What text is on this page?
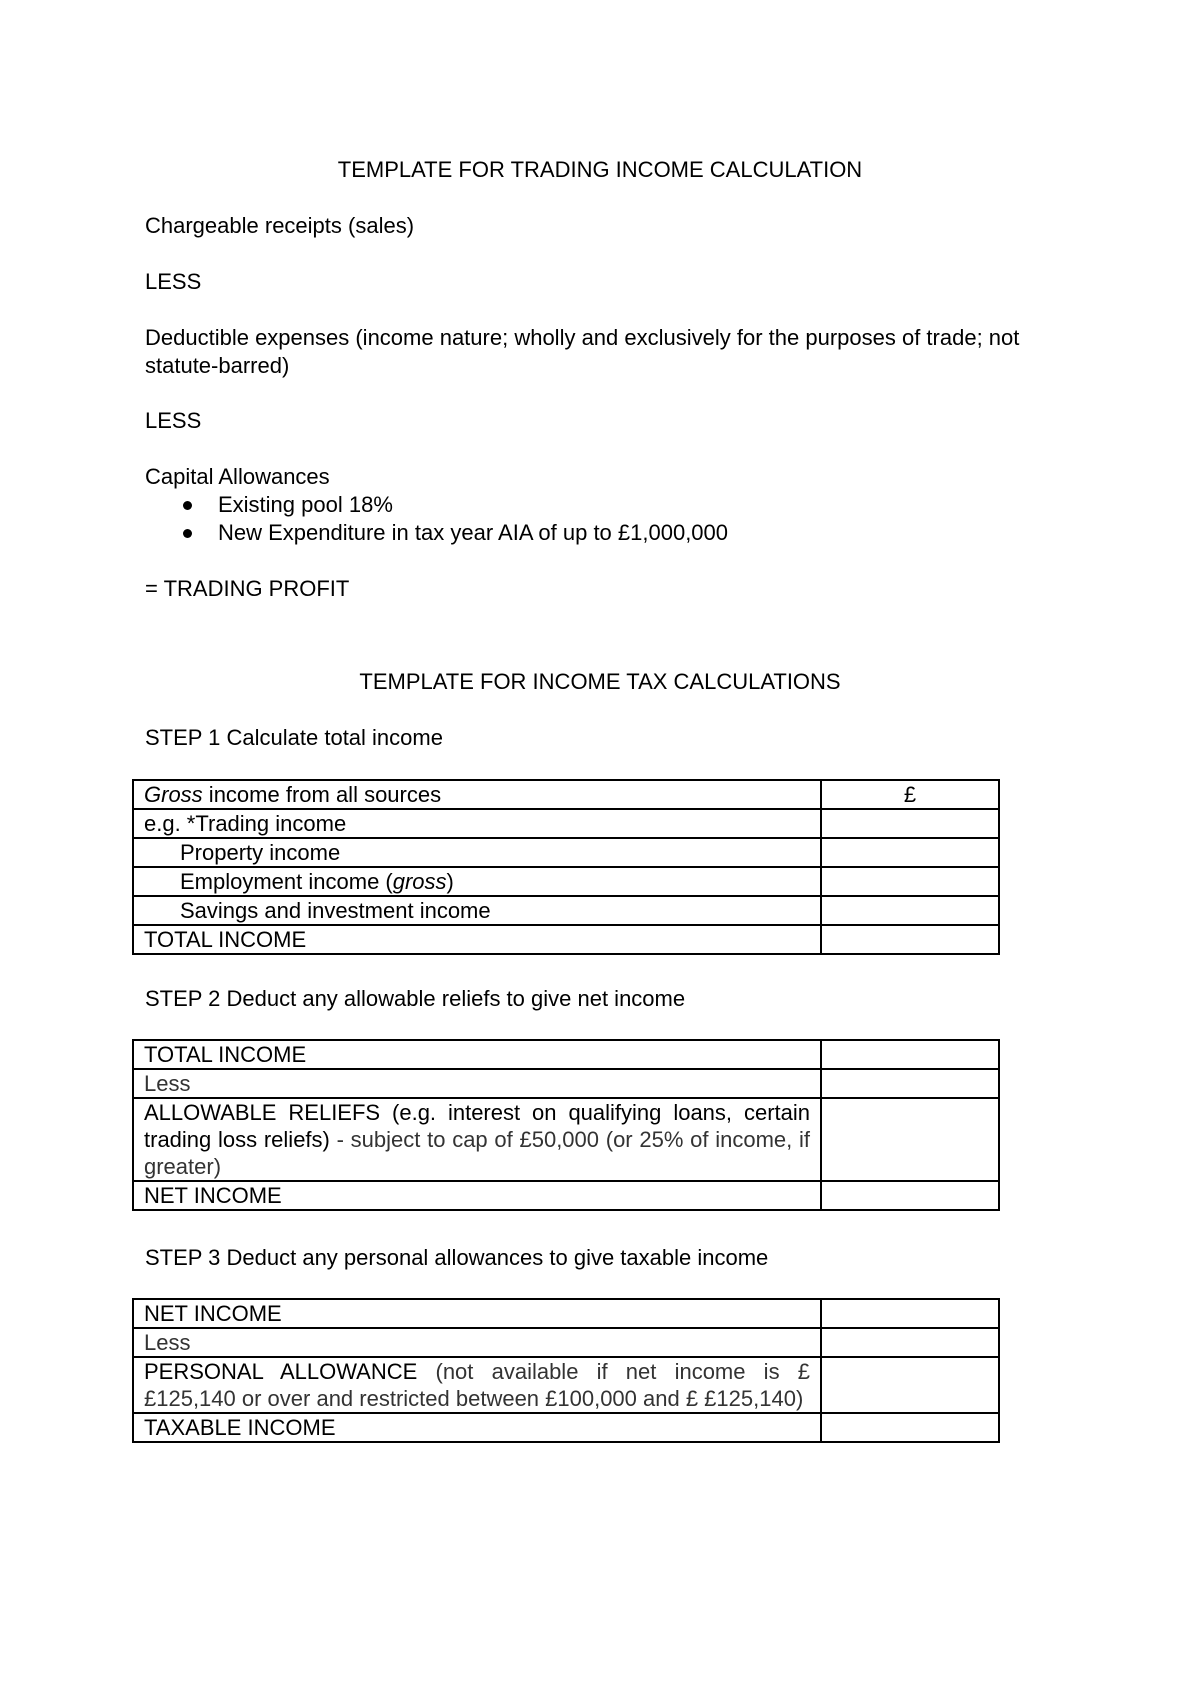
TEMPLATE FOR TRADING INCOME CALCULATION
Chargeable receipts (sales)
LESS
Deductible expenses (income nature; wholly and exclusively for the purposes of trade; not statute-barred)
LESS
Capital Allowances
Existing pool 18%
New Expenditure in tax year AIA of up to £1,000,000
= TRADING PROFIT
TEMPLATE FOR INCOME TAX CALCULATIONS
STEP 1 Calculate total income
Gross income from all sources	£
e.g. *Trading income	
Property income	
Employment income (gross)	
Savings and investment income	
TOTAL INCOME	
STEP 2 Deduct any allowable reliefs to give net income
TOTAL INCOME	
Less	
ALLOWABLE RELIEFS (e.g. interest on qualifying loans, certain trading loss reliefs) - subject to cap of £50,000 (or 25% of income, if greater)	
NET INCOME	
STEP 3 Deduct any personal allowances to give taxable income
NET INCOME	
Less	
PERSONAL ALLOWANCE (not available if net income is £ £125,140 or over and restricted between £100,000 and £ £125,140)	
TAXABLE INCOME	
